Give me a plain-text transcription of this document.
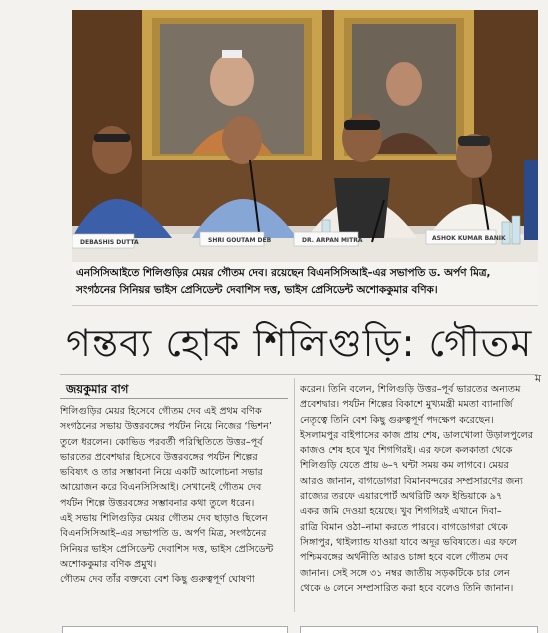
DEBASHIS DUTTA	SHRI GOUTAM DEB	DR. ARPAN MITRA	ASHOK KUMAR BANIK
এনসিসিআইতে শিলিগুড়ির মেয়র গৌতম দেব। রয়েছেন বিএনসিসিআই–এর সভাপতি ড. অর্পণ মিত্র,
সংগঠনের সিনিয়র ভাইস প্রেসিডেন্ট দেবাশিস দত্ত, ভাইস প্রেসিডেন্ট অশোককুমার বণিক।
গন্তব্য হোক শিলিগুড়ি: গৌতম
ম
জয়কুমার বাগ
শিলিগুড়ির মেয়র হিসেবে গৌতম দেব এই প্রথম বণিক
সংগঠনের সভায় উত্তরবঙ্গের পর্যটন নিয়ে নিজের ‘ভিশন’
তুলে ধরলেন। কোভিড পরবর্তী পরিস্থিতিতে উত্তর–পূর্ব
ভারতের প্রবেশদ্বার হিসেবে উত্তরবঙ্গের পর্যটন শিল্পের
ভবিষ্যৎ ও তার সম্ভাবনা নিয়ে একটি আলোচনা সভার
আয়োজন করে বিএনসিসিআই। সেখানেই গৌতম দেব
পর্যটন শিল্পে উত্তরবঙ্গের সম্ভাবনার কথা তুলে ধরেন।
এই সভায় শিলিগুড়ির মেয়র গৌতম দেব ছাড়াও ছিলেন
বিএনসিসিআই–এর সভাপতি ড. অর্পণ মিত্র, সংগঠনের
সিনিয়র ভাইস প্রেসিডেন্ট দেবাশিস দত্ত, ভাইস প্রেসিডেন্ট
অশোককুমার বণিক প্রমুখ।
গৌতম দেব তাঁর বক্তব্যে বেশ কিছু গুরুত্বপূর্ণ ঘোষণা
করেন। তিনি বলেন, শিলিগুড়ি উত্তর–পূর্ব ভারতের অন্যতম
প্রবেশদ্বার। পর্যটন শিল্পের বিকাশে মুখ্যমন্ত্রী মমতা ব্যানার্জি
নেতৃত্বে তিনি বেশ কিছু গুরুত্বপূর্ণ পদক্ষেপ করেছেন।
ইসলামপুর বাইপাসের কাজ প্রায় শেষ, ডালখোলা উড়ালপুলের
কাজও শেষ হবে খুব শিগগিরই। এর ফলে কলকাতা থেকে
শিলিগুড়ি যেতে প্রায় ৬–৭ ঘন্টা সময় কম লাগবে। মেয়র
আরও জানান, বাগডোগরা বিমানবন্দরের সম্প্রসারণের জন্য
রাজ্যের তরফে এয়ারপোর্ট অথরিটি অফ ইন্ডিয়াকে ৯৭
একর জমি দেওয়া হয়েছে। খুব শিগগিরই এখানে দিবা–
রাত্রি বিমান ওঠা–নামা করতে পারবে। বাগডোগরা থেকে
সিঙ্গাপুর, থাইল্যান্ড যাওয়া যাবে অদূর ভবিষ্যতে। এর ফলে
পশ্চিমবঙ্গের অর্থনীতি আরও চাঙ্গা হবে বলে গৌতম দেব
জানান। সেই সঙ্গে ৩১ নম্বর জাতীয় সড়কটিকে চার লেন
থেকে ৬ লেনে সম্প্রসারিত করা হবে বলেও তিনি জানান।
